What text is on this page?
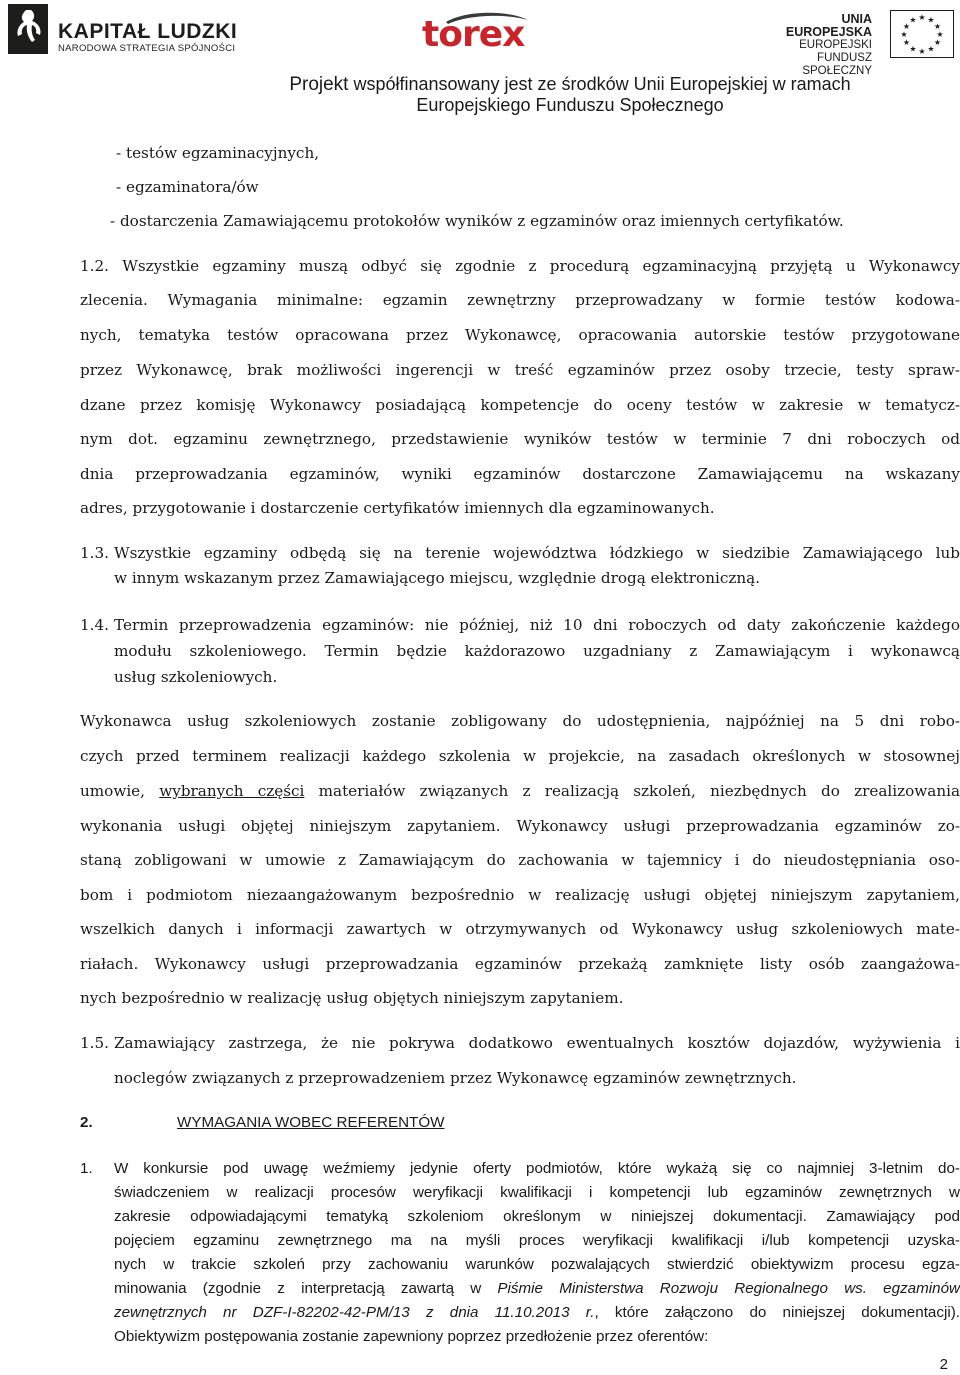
KAPITAŁ LUDZKI
NARODOWA STRATEGIA SPÓJNOŚCI	torex	UNIA EUROPEJSKA
EUROPEJSKI
FUNDUSZ SPOŁECZNY
★ ★
★
★
★
★
★
★
★
★
★
★
Projekt współfinansowany jest ze środków Unii Europejskiej w ramach
Europejskiego Funduszu Społecznego
- testów egzaminacyjnych,
- egzaminatora/ów
- dostarczenia Zamawiającemu protokołów wyników z egzaminów oraz imiennych certyfikatów.
1.2. Wszystkie egzaminy muszą odbyć się zgodnie z procedurą egzaminacyjną przyjętą u Wykonawcy
zlecenia. Wymagania minimalne: egzamin zewnętrzny przeprowadzany w formie testów kodowa-
nych, tematyka testów opracowana przez Wykonawcę, opracowania autorskie testów przygotowane
przez Wykonawcę, brak możliwości ingerencji w treść egzaminów przez osoby trzecie, testy spraw-
dzane przez komisję Wykonawcy posiadającą kompetencje do oceny testów w zakresie w tematycz-
nym dot. egzaminu zewnętrznego, przedstawienie wyników testów w terminie 7 dni roboczych od
dnia przeprowadzania egzaminów, wyniki egzaminów dostarczone Zamawiającemu na wskazany
adres, przygotowanie i dostarczenie certyfikatów imiennych dla egzaminowanych.
1.3. Wszystkie egzaminy odbędą się na terenie województwa łódzkiego w siedzibie Zamawiającego lub
w innym wskazanym przez Zamawiającego miejscu, względnie drogą elektroniczną.
1.4. Termin przeprowadzenia egzaminów: nie później, niż 10 dni roboczych od daty zakończenie każdego
modułu szkoleniowego. Termin będzie każdorazowo uzgadniany z Zamawiającym i wykonawcą
usług szkoleniowych.
Wykonawca usług szkoleniowych zostanie zobligowany do udostępnienia, najpóźniej na 5 dni robo-
czych przed terminem realizacji każdego szkolenia w projekcie, na zasadach określonych w stosownej
umowie, wybranych części materiałów związanych z realizacją szkoleń, niezbędnych do zrealizowania
wykonania usługi objętej niniejszym zapytaniem. Wykonawcy usługi przeprowadzania egzaminów zo-
staną zobligowani w umowie z Zamawiającym do zachowania w tajemnicy i do nieudostępniania oso-
bom i podmiotom niezaangażowanym bezpośrednio w realizację usługi objętej niniejszym zapytaniem,
wszelkich danych i informacji zawartych w otrzymywanych od Wykonawcy usług szkoleniowych mate-
riałach. Wykonawcy usługi przeprowadzania egzaminów przekażą zamknięte listy osób zaangażowa-
nych bezpośrednio w realizację usług objętych niniejszym zapytaniem.
1.5. Zamawiający zastrzega, że nie pokrywa dodatkowo ewentualnych kosztów dojazdów, wyżywienia i
noclegów związanych z przeprowadzeniem przez Wykonawcę egzaminów zewnętrznych.
2.	WYMAGANIA WOBEC REFERENTÓW
1. W konkursie pod uwagę weźmiemy jedynie oferty podmiotów, które wykażą się co najmniej 3-letnim do-
świadczeniem w realizacji procesów weryfikacji kwalifikacji i kompetencji lub egzaminów zewnętrznych w
zakresie odpowiadającymi tematyką szkoleniom określonym w niniejszej dokumentacji. Zamawiający pod
pojęciem egzaminu zewnętrznego ma na myśli proces weryfikacji kwalifikacji i/lub kompetencji uzyska-
nych w trakcie szkoleń przy zachowaniu warunków pozwalających stwierdzić obiektywizm procesu egza-
minowania (zgodnie z interpretacją zawartą w Piśmie Ministerstwa Rozwoju Regionalnego ws. egzaminów
zewnętrznych nr DZF-I-82202-42-PM/13 z dnia 11.10.2013 r., które załączono do niniejszej dokumentacji).
Obiektywizm postępowania zostanie zapewniony poprzez przedłożenie przez oferentów:
2
